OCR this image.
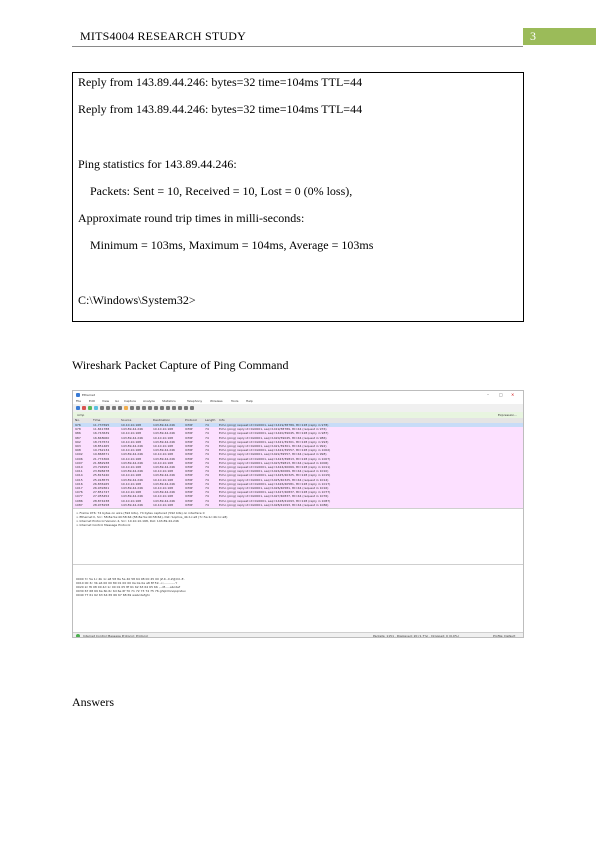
MITS4004 RESEARCH STUDY	3
Reply from 143.89.44.246: bytes=32 time=104ms TTL=44
Reply from 143.89.44.246: bytes=32 time=104ms TTL=44
Ping statistics for 143.89.44.246:
Packets: Sent = 10, Received = 10, Lost = 0 (0% loss),
Approximate round trip times in milli-seconds:
Minimum = 103ms, Maximum = 104ms, Average = 103ms
C:\Windows\System32>
Wireshark Packet Capture of Ping Command
Ethernet	–	□ ×
File	Edit View Go Capture Analyze Statistics	Telephony	Wireless	Tools	Help
icmp	Expression...
No.	Time	Source	Destination	Protocol	Length Info
976	11.737695	10.10.10.168	143.89.44.246	ICMP	74	Echo (ping) request id=0x0001, seq=1419/38789, ttl=128 (reply in 978)
978	11.841788	143.89.44.246	10.10.10.168	ICMP	74	Echo (ping) reply id=0x0001, seq=1419/38789, ttl=44 (request in 976)
986	16.743639	10.10.10.168	143.89.44.246	ICMP	74	Echo (ping) request id=0x0001, seq=1420/39045, ttl=128 (reply in 987)
987	16.848060	143.89.44.246	10.10.10.168	ICMP	74	Echo (ping) reply id=0x0001, seq=1420/39045, ttl=44 (request in 986)
992	18.747672	10.10.10.168	143.89.44.246	ICMP	74	Echo (ping) request id=0x0001, seq=1421/39301, ttl=128 (reply in 993)
993	18.851465	143.89.44.246	10.10.10.168	ICMP	74	Echo (ping) reply id=0x0001, seq=1421/39301, ttl=44 (request in 992)
998	19.762134	10.10.10.168	143.89.44.246	ICMP	74	Echo (ping) request id=0x0001, seq=1422/39557, ttl=128 (reply in 1002)
1002	19.866571	143.89.44.246	10.10.10.168	ICMP	74	Echo (ping) reply id=0x0001, seq=1422/39557, ttl=44 (request in 998)
1006	21.774306	10.10.10.168	143.89.44.246	ICMP	74	Echo (ping) request id=0x0001, seq=1423/39813, ttl=128 (reply in 1007)
1007	21.882938	143.89.44.246	10.10.10.168	ICMP	74	Echo (ping) reply id=0x0001, seq=1423/39813, ttl=44 (request in 1006)
1010	23.794952	10.10.10.168	143.89.44.246	ICMP	74	Echo (ping) request id=0x0001, seq=1424/40069, ttl=128 (reply in 1011)
1011	23.898478	143.89.44.246	10.10.10.168	ICMP	74	Echo (ping) reply id=0x0001, seq=1424/40069, ttl=44 (request in 1010)
1014	25.815240	10.10.10.168	143.89.44.246	ICMP	74	Echo (ping) request id=0x0001, seq=1425/40325, ttl=128 (reply in 1015)
1015	25.918575	143.89.44.246	10.10.10.168	ICMP	74	Echo (ping) reply id=0x0001, seq=1425/40325, ttl=44 (request in 1014)
1016	26.836165	10.10.10.168	143.89.44.246	ICMP	74	Echo (ping) request id=0x0001, seq=1426/40581, ttl=128 (reply in 1017)
1017	26.939361	143.89.44.246	10.10.10.168	ICMP	74	Echo (ping) reply id=0x0001, seq=1426/40581, ttl=44 (request in 1016)
1076	27.851747	10.10.10.168	143.89.44.246	ICMP	74	Echo (ping) request id=0x0001, seq=1427/40837, ttl=128 (reply in 1077)
1077	27.955452	143.89.44.246	10.10.10.168	ICMP	74	Echo (ping) reply id=0x0001, seq=1427/40837, ttl=44 (request in 1076)
1086	28.874238	10.10.10.168	143.89.44.246	ICMP	74	Echo (ping) request id=0x0001, seq=1428/41093, ttl=128 (reply in 1087)
1087	28.978158	143.89.44.246	10.10.10.168	ICMP	74	Echo (ping) reply id=0x0001, seq=1428/41093, ttl=44 (request in 1086)
> Frame 976: 74 bytes on wire (592 bits), 74 bytes captured (592 bits) on interface 0
> Ethernet II, Src: 58:8a:5a:40:58:64 (58:8a:5a:40:58:64), Dst: Sophos_4b:1c:a8 (7c:5a:1c:4b:1c:a8)
> Internet Protocol Version 4, Src: 10.10.10.168, Dst: 143.89.44.246
> Internet Control Message Protocol
0000 7c 5a 1c 4b 1c a8 58 8a 5a 40 58 64 08 00 45 00 |Z.K..X.Z@Xd..E.
0010 00 3c 3b a6 00 00 80 01 00 00 0a 0a 0a a8 8f 59 .<;............Y
0020 2c f6 08 00 4d 1c 00 01 05 8f 61 62 63 64 65 66 ,...M.....abcdef
0030 67 68 69 6a 6b 6c 6d 6e 6f 70 71 72 73 74 75 76 ghijklmnopqrstuv
0040 77 61 62 63 64 65 66 67 68 69 wabcdefghi
Internet Control Message Protocol: Protocol	Packets: 1151 · Displayed: 20 (1.7%) · Dropped: 0 (0.0%)	Profile: Default
Answers
